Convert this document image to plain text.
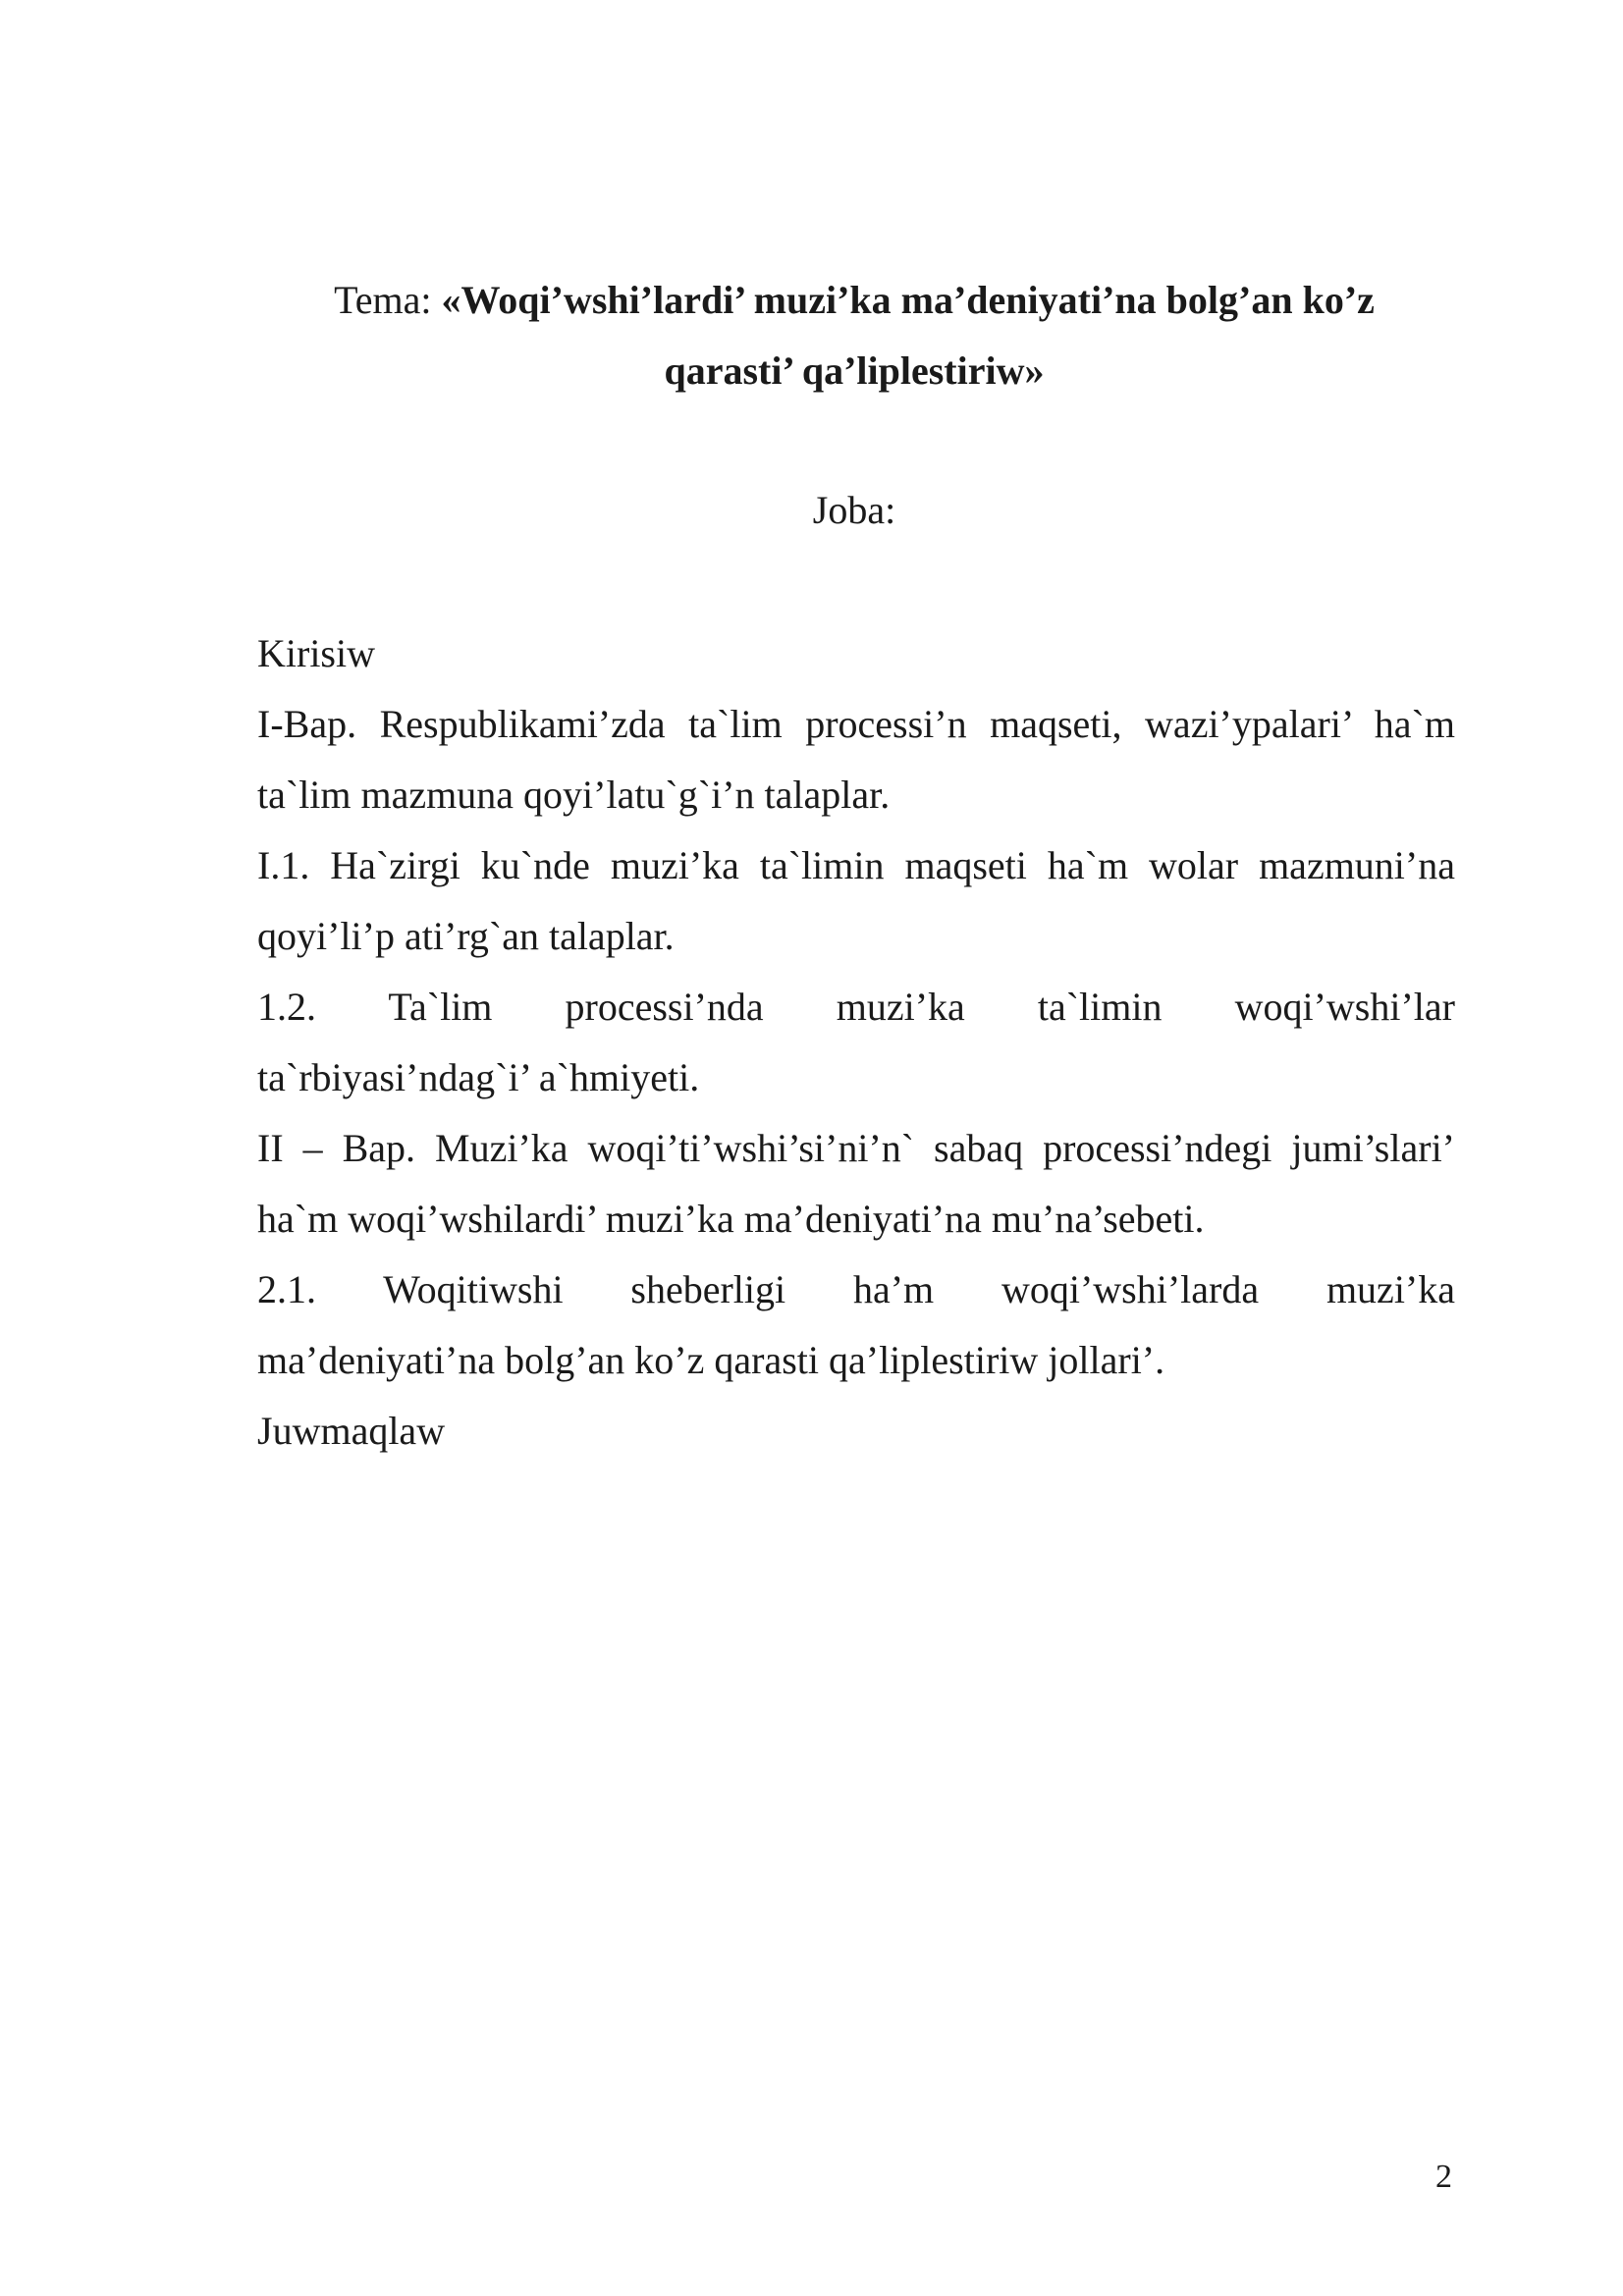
Tema: «Woqi’wshi’lardi’ muzi’ka ma’deniyati’na bolg’an ko’z
qarasti’ qa’liplestiriw»
Joba:
Kirisiw
I-Bap. Respublikami’zda ta`lim processi’n maqseti, wazi’ypalari’ ha`m
ta`lim mazmuna qoyi’latu`g`i’n talaplar.
I.1. Ha`zirgi ku`nde muzi’ka ta`limin maqseti ha`m wolar mazmuni’na
qoyi’li’p ati’rg`an talaplar.
1.2. Ta`lim processi’nda muzi’ka ta`limin woqi’wshi’lar
ta`rbiyasi’ndag`i’ a`hmiyeti.
II – Bap. Muzi’ka woqi’ti’wshi’si’ni’n` sabaq processi’ndegi jumi’slari’
ha`m woqi’wshilardi’ muzi’ka ma’deniyati’na mu’na’sebeti.
2.1. Woqitiwshi sheberligi ha’m woqi’wshi’larda muzi’ka
ma’deniyati’na bolg’an ko’z qarasti qa’liplestiriw jollari’.
Juwmaqlaw
2
